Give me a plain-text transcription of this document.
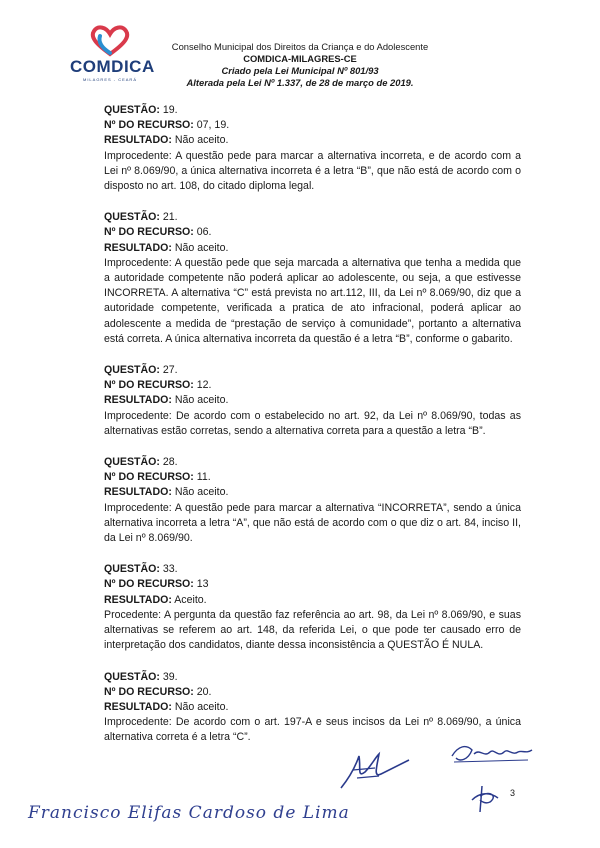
COMDICA
MILAGRES - CEARÁ
Conselho Municipal dos Direitos da Criança e do Adolescente
COMDICA-MILAGRES-CE
Criado pela Lei Municipal Nº 801/93
Alterada pela Lei Nº 1.337, de 28 de março de 2019.
QUESTÃO: 19.
Nº DO RECURSO: 07, 19.
RESULTADO: Não aceito.

Improcedente: A questão pede para marcar a alternativa incorreta, e de acordo com a Lei nº 8.069/90, a única alternativa incorreta é a letra “B”, que não está de acordo com o disposto no art. 108, do citado diploma legal.

QUESTÃO: 21.
Nº DO RECURSO: 06.
RESULTADO: Não aceito.

Improcedente: A questão pede que seja marcada a alternativa que tenha a medida que a autoridade competente não poderá aplicar ao adolescente, ou seja, a que estivesse INCORRETA. A alternativa “C” está prevista no art.112, III, da Lei nº 8.069/90, diz que a autoridade competente, verificada a pratica de ato infracional, poderá aplicar ao adolescente a medida de “prestação de serviço à comunidade”, portanto a alternativa está correta. A única alternativa incorreta da questão é a letra “B”, conforme o gabarito.

QUESTÃO: 27.
Nº DO RECURSO: 12.
RESULTADO: Não aceito.

Improcedente: De acordo com o estabelecido no art. 92, da Lei nº 8.069/90, todas as alternativas estão corretas, sendo a alternativa correta para a questão a letra “B”.

QUESTÃO: 28.
Nº DO RECURSO: 11.
RESULTADO: Não aceito.

Improcedente: A questão pede para marcar a alternativa “INCORRETA”, sendo a única alternativa incorreta a letra “A”, que não está de acordo com o que diz o art. 84, inciso II, da Lei nº 8.069/90.

QUESTÃO: 33.
Nº DO RECURSO: 13
RESULTADO: Aceito.

Procedente: A pergunta da questão faz referência ao art. 98, da Lei nº 8.069/90, e suas alternativas se referem ao art. 148, da referida Lei, o que pode ter causado erro de interpretação dos candidatos, diante dessa inconsistência a QUESTÃO É NULA.

QUESTÃO: 39.
Nº DO RECURSO: 20.
RESULTADO: Não aceito.

Improcedente: De acordo com o art. 197-A e seus incisos da Lei nº 8.069/90, a única alternativa correta é a letra “C”.

3
Francisco Elifas Cardoso de Lima
